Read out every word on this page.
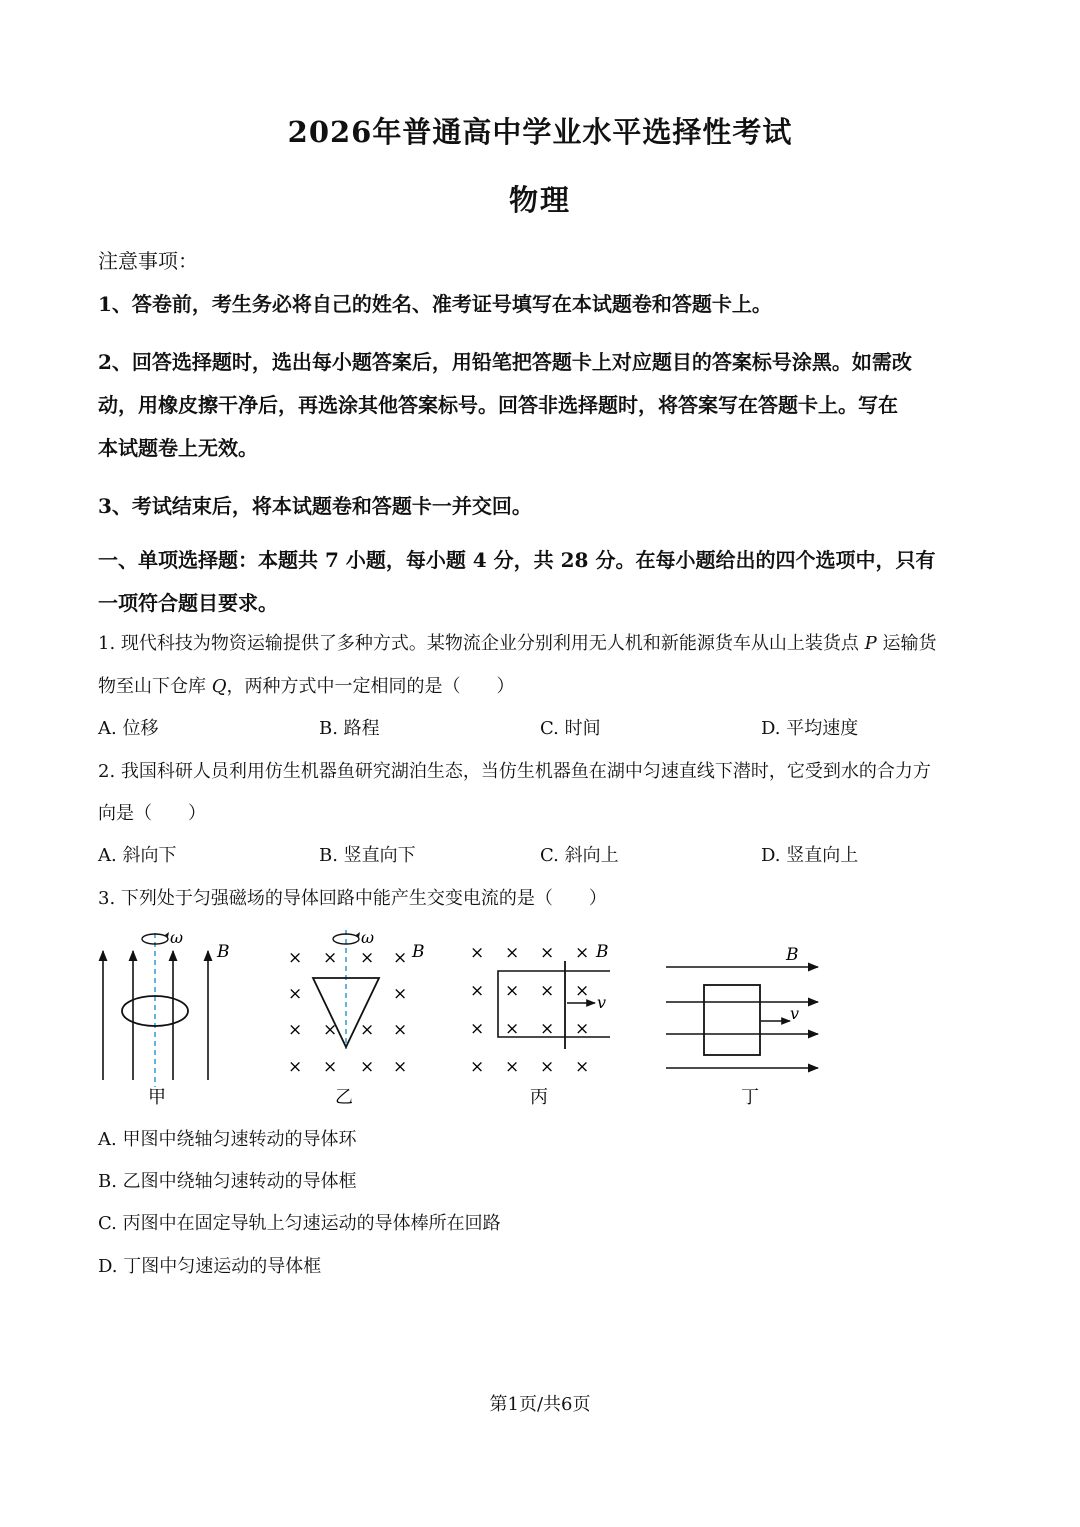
2026年普通高中学业水平选择性考试
物理
注意事项：
1、答卷前，考生务必将自己的姓名、准考证号填写在本试题卷和答题卡上。
2、回答选择题时，选出每小题答案后，用铅笔把答题卡上对应题目的答案标号涂黑。如需改
动，用橡皮擦干净后，再选涂其他答案标号。回答非选择题时，将答案写在答题卡上。写在
本试题卷上无效。
3、考试结束后，将本试题卷和答题卡一并交回。
一、单项选择题：本题共 7 小题，每小题 4 分，共 28 分。在每小题给出的四个选项中，只有
一项符合题目要求。
1. 现代科技为物资运输提供了多种方式。某物流企业分别利用无人机和新能源货车从山上装货点 P 运输货
物至山下仓库 Q，两种方式中一定相同的是（　　）
A. 位移	B. 路程	C. 时间	D. 平均速度
2. 我国科研人员利用仿生机器鱼研究湖泊生态，当仿生机器鱼在湖中匀速直线下潜时，它受到水的合力方
向是（　　）
A. 斜向下	B. 竖直向下	C. 斜向上	D. 竖直向上
3. 下列处于匀强磁场的导体回路中能产生交变电流的是（　　）
ω
B
甲
× × × ×
×	×
× × × ×
× × × ×
ω
B
乙
× × × ×
× × × ×
× × × ×
× × × ×
v
B
丙
v
B
丁
A. 甲图中绕轴匀速转动的导体环
B. 乙图中绕轴匀速转动的导体框
C. 丙图中在固定导轨上匀速运动的导体棒所在回路
D. 丁图中匀速运动的导体框
第1页/共6页
